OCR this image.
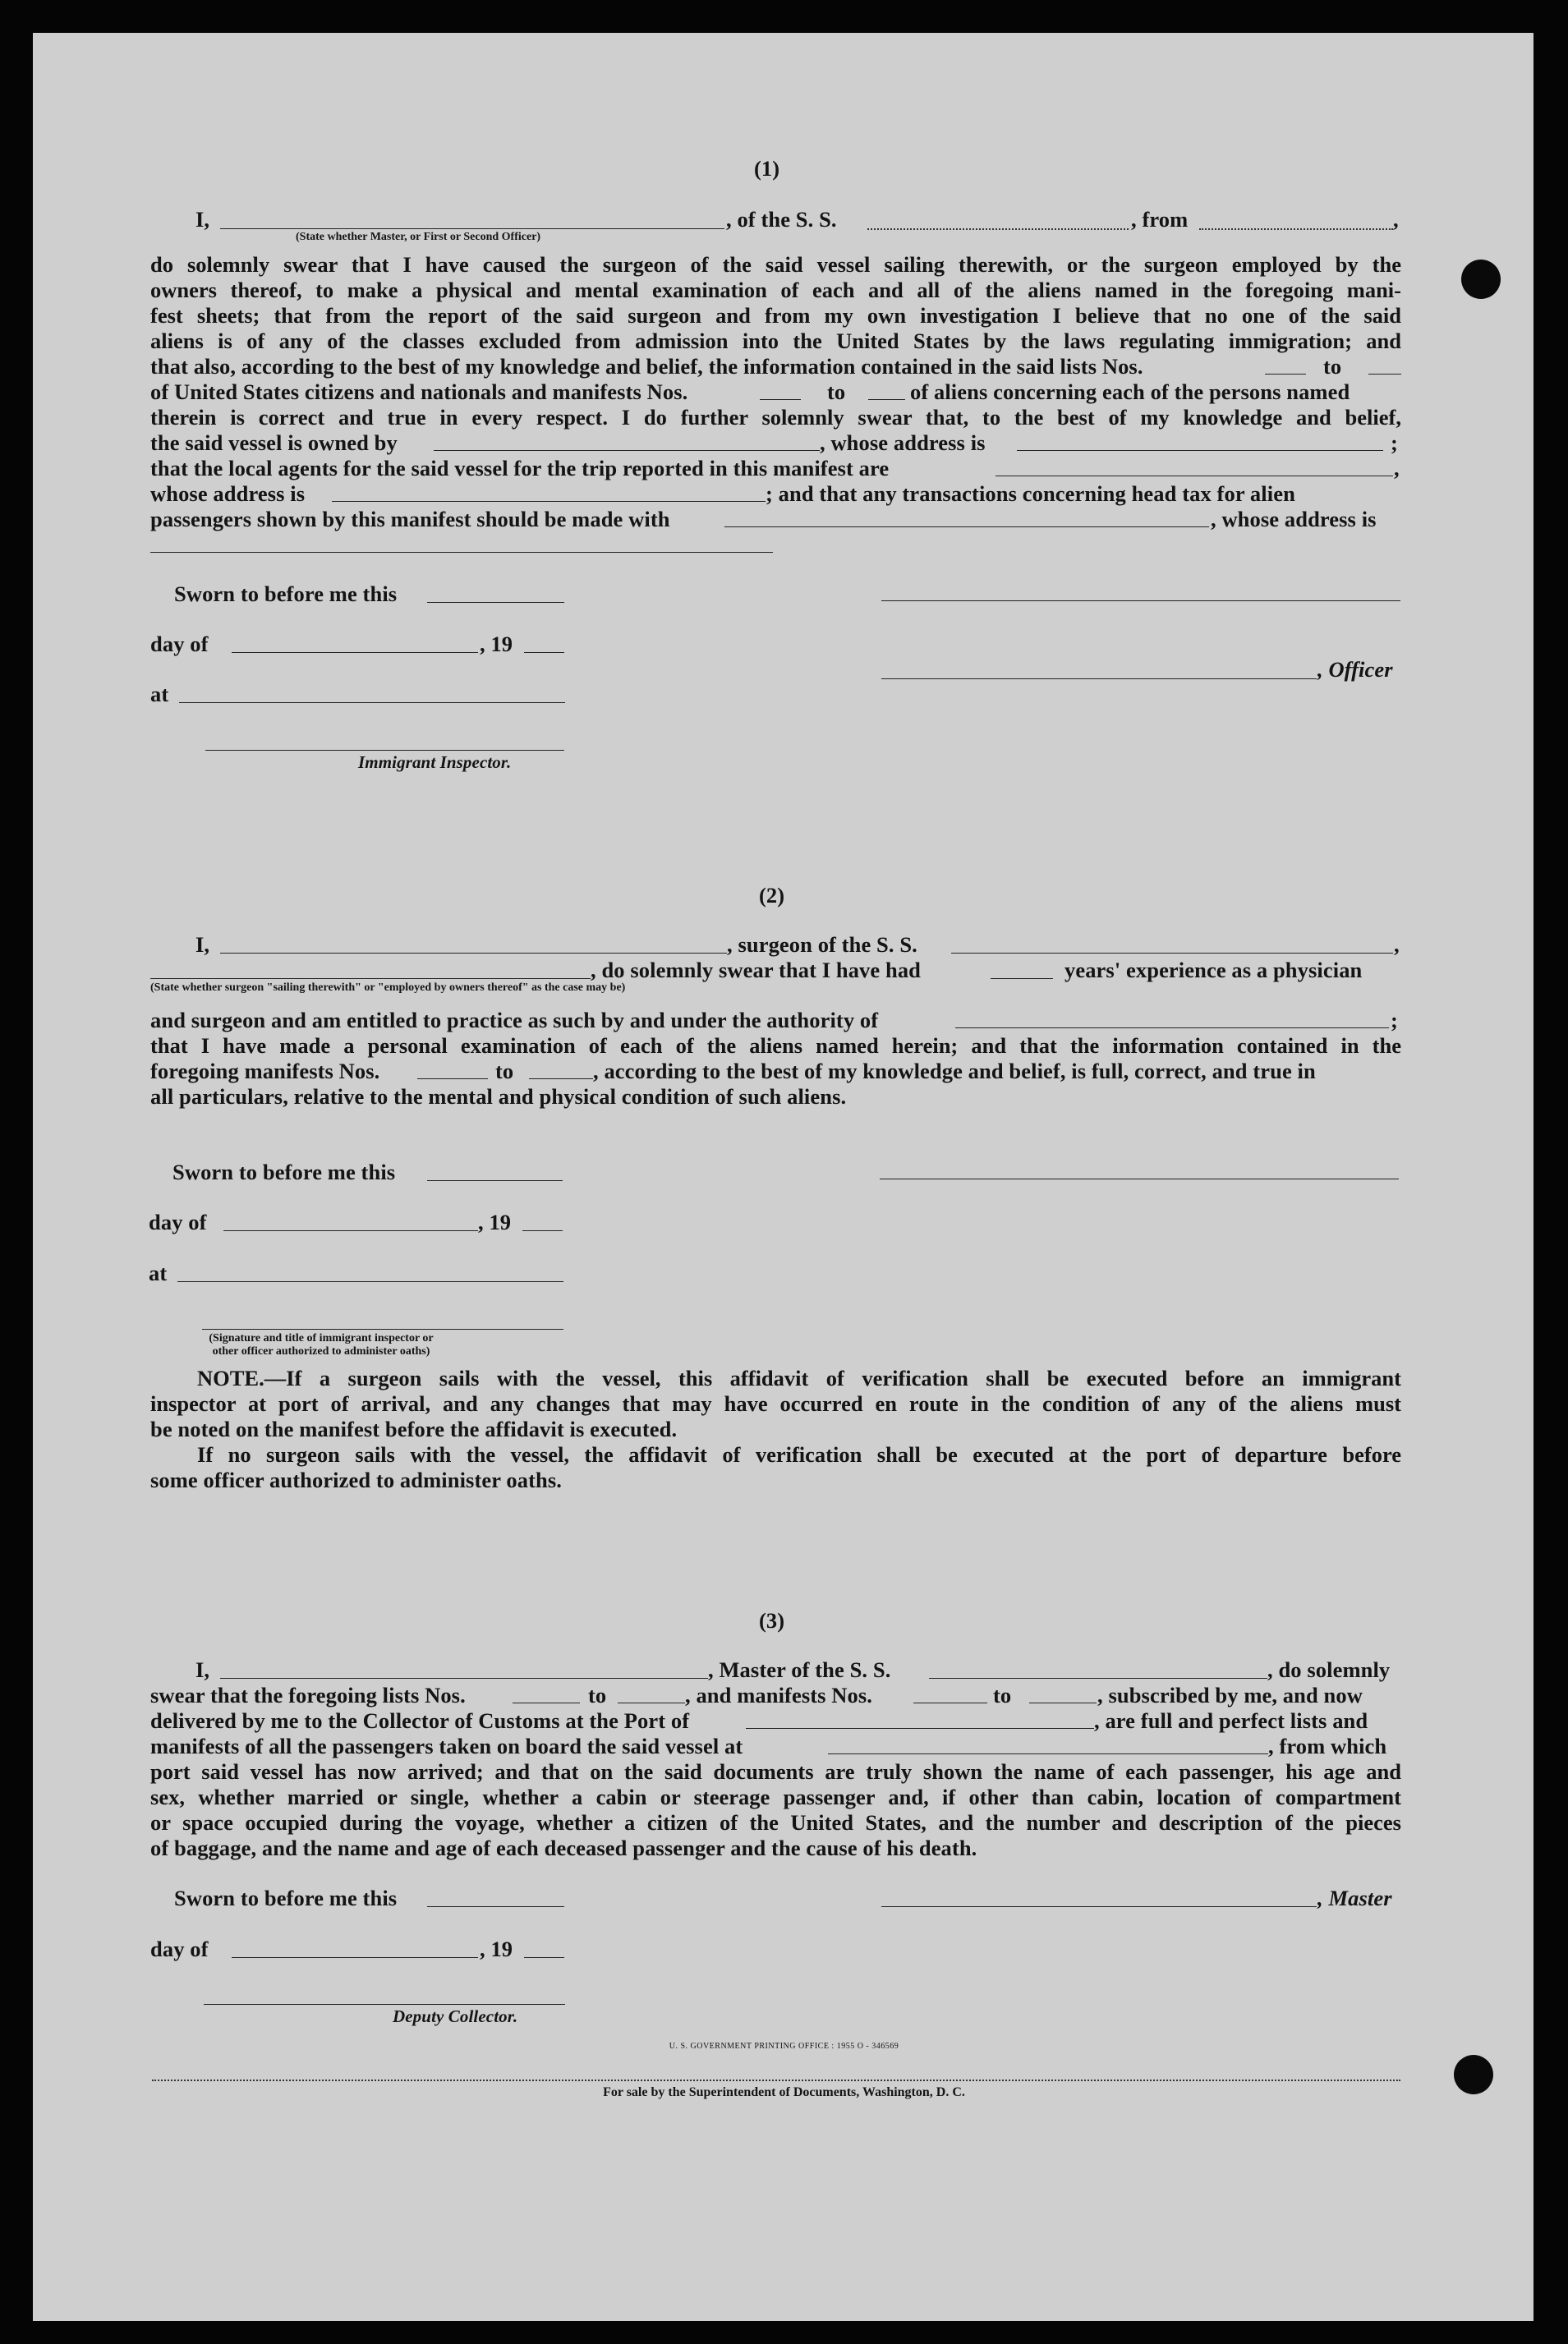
(1)
I,	, of the S. S.	, from	,
(State whether Master, or First or Second Officer)
do solemnly swear that I have caused the surgeon of the said vessel sailing therewith, or the surgeon employed by the
owners thereof, to make a physical and mental examination of each and all of the aliens named in the foregoing mani-
fest sheets; that from the report of the said surgeon and from my own investigation I believe that no one of the said
aliens is of any of the classes excluded from admission into the United States by the laws regulating immigration; and
that also, according to the best of my knowledge and belief, the information contained in the said lists Nos.	to
of United States citizens and nationals and manifests Nos.	to	of aliens concerning each of the persons named
therein is correct and true in every respect. I do further solemnly swear that, to the best of my knowledge and belief,
the said vessel is owned by	, whose address is	;
that the local agents for the said vessel for the trip reported in this manifest are	,
whose address is	; and that any transactions concerning head tax for alien
passengers shown by this manifest should be made with	, whose address is
Sworn to before me this
day of	, 19
, Officer
at
Immigrant Inspector.
(2)
I,	, surgeon of the S. S.	,
, do solemnly swear that I have had	years' experience as a physician
(State whether surgeon "sailing therewith" or "employed by owners thereof" as the case may be)
and surgeon and am entitled to practice as such by and under the authority of	;
that I have made a personal examination of each of the aliens named herein; and that the information contained in the
foregoing manifests Nos.	to	, according to the best of my knowledge and belief, is full, correct, and true in
all particulars, relative to the mental and physical condition of such aliens.
Sworn to before me this
day of	, 19
at
(Signature and title of immigrant inspector or
other officer authorized to administer oaths)
NOTE.—If a surgeon sails with the vessel, this affidavit of verification shall be executed before an immigrant
inspector at port of arrival, and any changes that may have occurred en route in the condition of any of the aliens must
be noted on the manifest before the affidavit is executed.
If no surgeon sails with the vessel, the affidavit of verification shall be executed at the port of departure before
some officer authorized to administer oaths.
(3)
I,	, Master of the S. S.	, do solemnly
swear that the foregoing lists Nos.	to	, and manifests Nos.	to	, subscribed by me, and now
delivered by me to the Collector of Customs at the Port of	, are full and perfect lists and
manifests of all the passengers taken on board the said vessel at	, from which
port said vessel has now arrived; and that on the said documents are truly shown the name of each passenger, his age and
sex, whether married or single, whether a cabin or steerage passenger and, if other than cabin, location of compartment
or space occupied during the voyage, whether a citizen of the United States, and the number and description of the pieces
of baggage, and the name and age of each deceased passenger and the cause of his death.
Sworn to before me this	, Master
day of	, 19
Deputy Collector.
U. S. GOVERNMENT PRINTING OFFICE : 1955 O - 346569
For sale by the Superintendent of Documents, Washington, D. C.
